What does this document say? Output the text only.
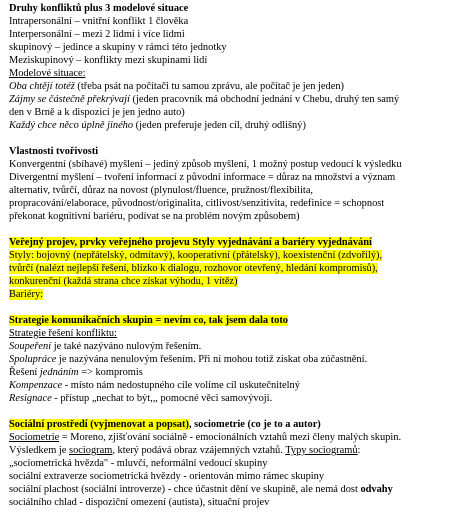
Druhy konfliktů plus 3 modelové situace
Intrapersonální – vnitřní konflikt 1 člověka
Interpersonální – mezi 2 lidmi i více lidmi
skupinový – jedince a skupiny v rámci této jednotky
Meziskupinový – konflikty mezi skupinami lidí
Modelové situace:
Oba chtějí totéž (třeba psát na počítači tu samou zprávu, ale počítač je jen jeden)
Zájmy se částečně překrývají (jeden pracovník má obchodní jednání v Chebu, druhý ten samý
den v Brně a k dispozici je jen jedno auto)
Každý chce něco úplně jiného (jeden preferuje jeden cíl, druhý odlišný)
Vlastnosti tvořivosti
Konvergentní (sbíhavé) myšlení – jediný způsob myšlení, 1 možný postup vedoucí k výsledku
Divergentní myšlení – tvoření informací z původní informace = důraz na množství a význam
alternativ, tvůrčí, důraz na novost (plynulost/fluence, pružnost/flexibilita,
propracování/elaborace, původnost/originalita, citlivost/senzitivita, redefinice = schopnost
překonat kognitivní bariéru, podívat se na problém novým způsobem)
Veřejný projev, prvky veřejného projevu Styly vyjednávání a bariéry vyjednávání
Styly: bojovný (nepřátelský, odmítavý), kooperativní (přátelský), koexistenční (zdvořilý),
tvůrčí (nalézt nejlepší řešení, blízko k dialogu, rozhovor otevřený, hledání kompromisů),
konkurenční (každá strana chce získat výhodu, 1 vítěz)
Bariéry:
Strategie komunikačních skupin = nevím co, tak jsem dala toto
Strategie řešení konfliktu:
Soupeření je také nazýváno nulovým řešením.
Spolupráce je nazývána nenulovým řešením. Při ní mohou totiž získat oba zúčastnění.
Řešení jednáním => kompromis
Kompenzace - místo nám nedostupného cíle volíme cíl uskutečnitelný
Resignace - přístup „nechat to být,,, pomocné věci samovývojí.
Sociální prostředí (vyjmenovat a popsat), sociometrie (co je to a autor)
Sociometrie = Moreno, zjišťování sociálně - emocionálních vztahů mezi členy malých skupin.
Výsledkem je sociogram, který podává obraz vzájemných vztahů. Typy sociogramů:
„sociometrická hvězda" - mluvčí, neformální vedoucí skupiny
sociální extraverze sociometrická hvězdy - orientován mimo rámec skupiny
sociální plachost (sociální introverze) - chce účastnit dění ve skupině, ale nemá dost odvahy
sociálního chlad - dispoziční omezení (autista), situační projev
